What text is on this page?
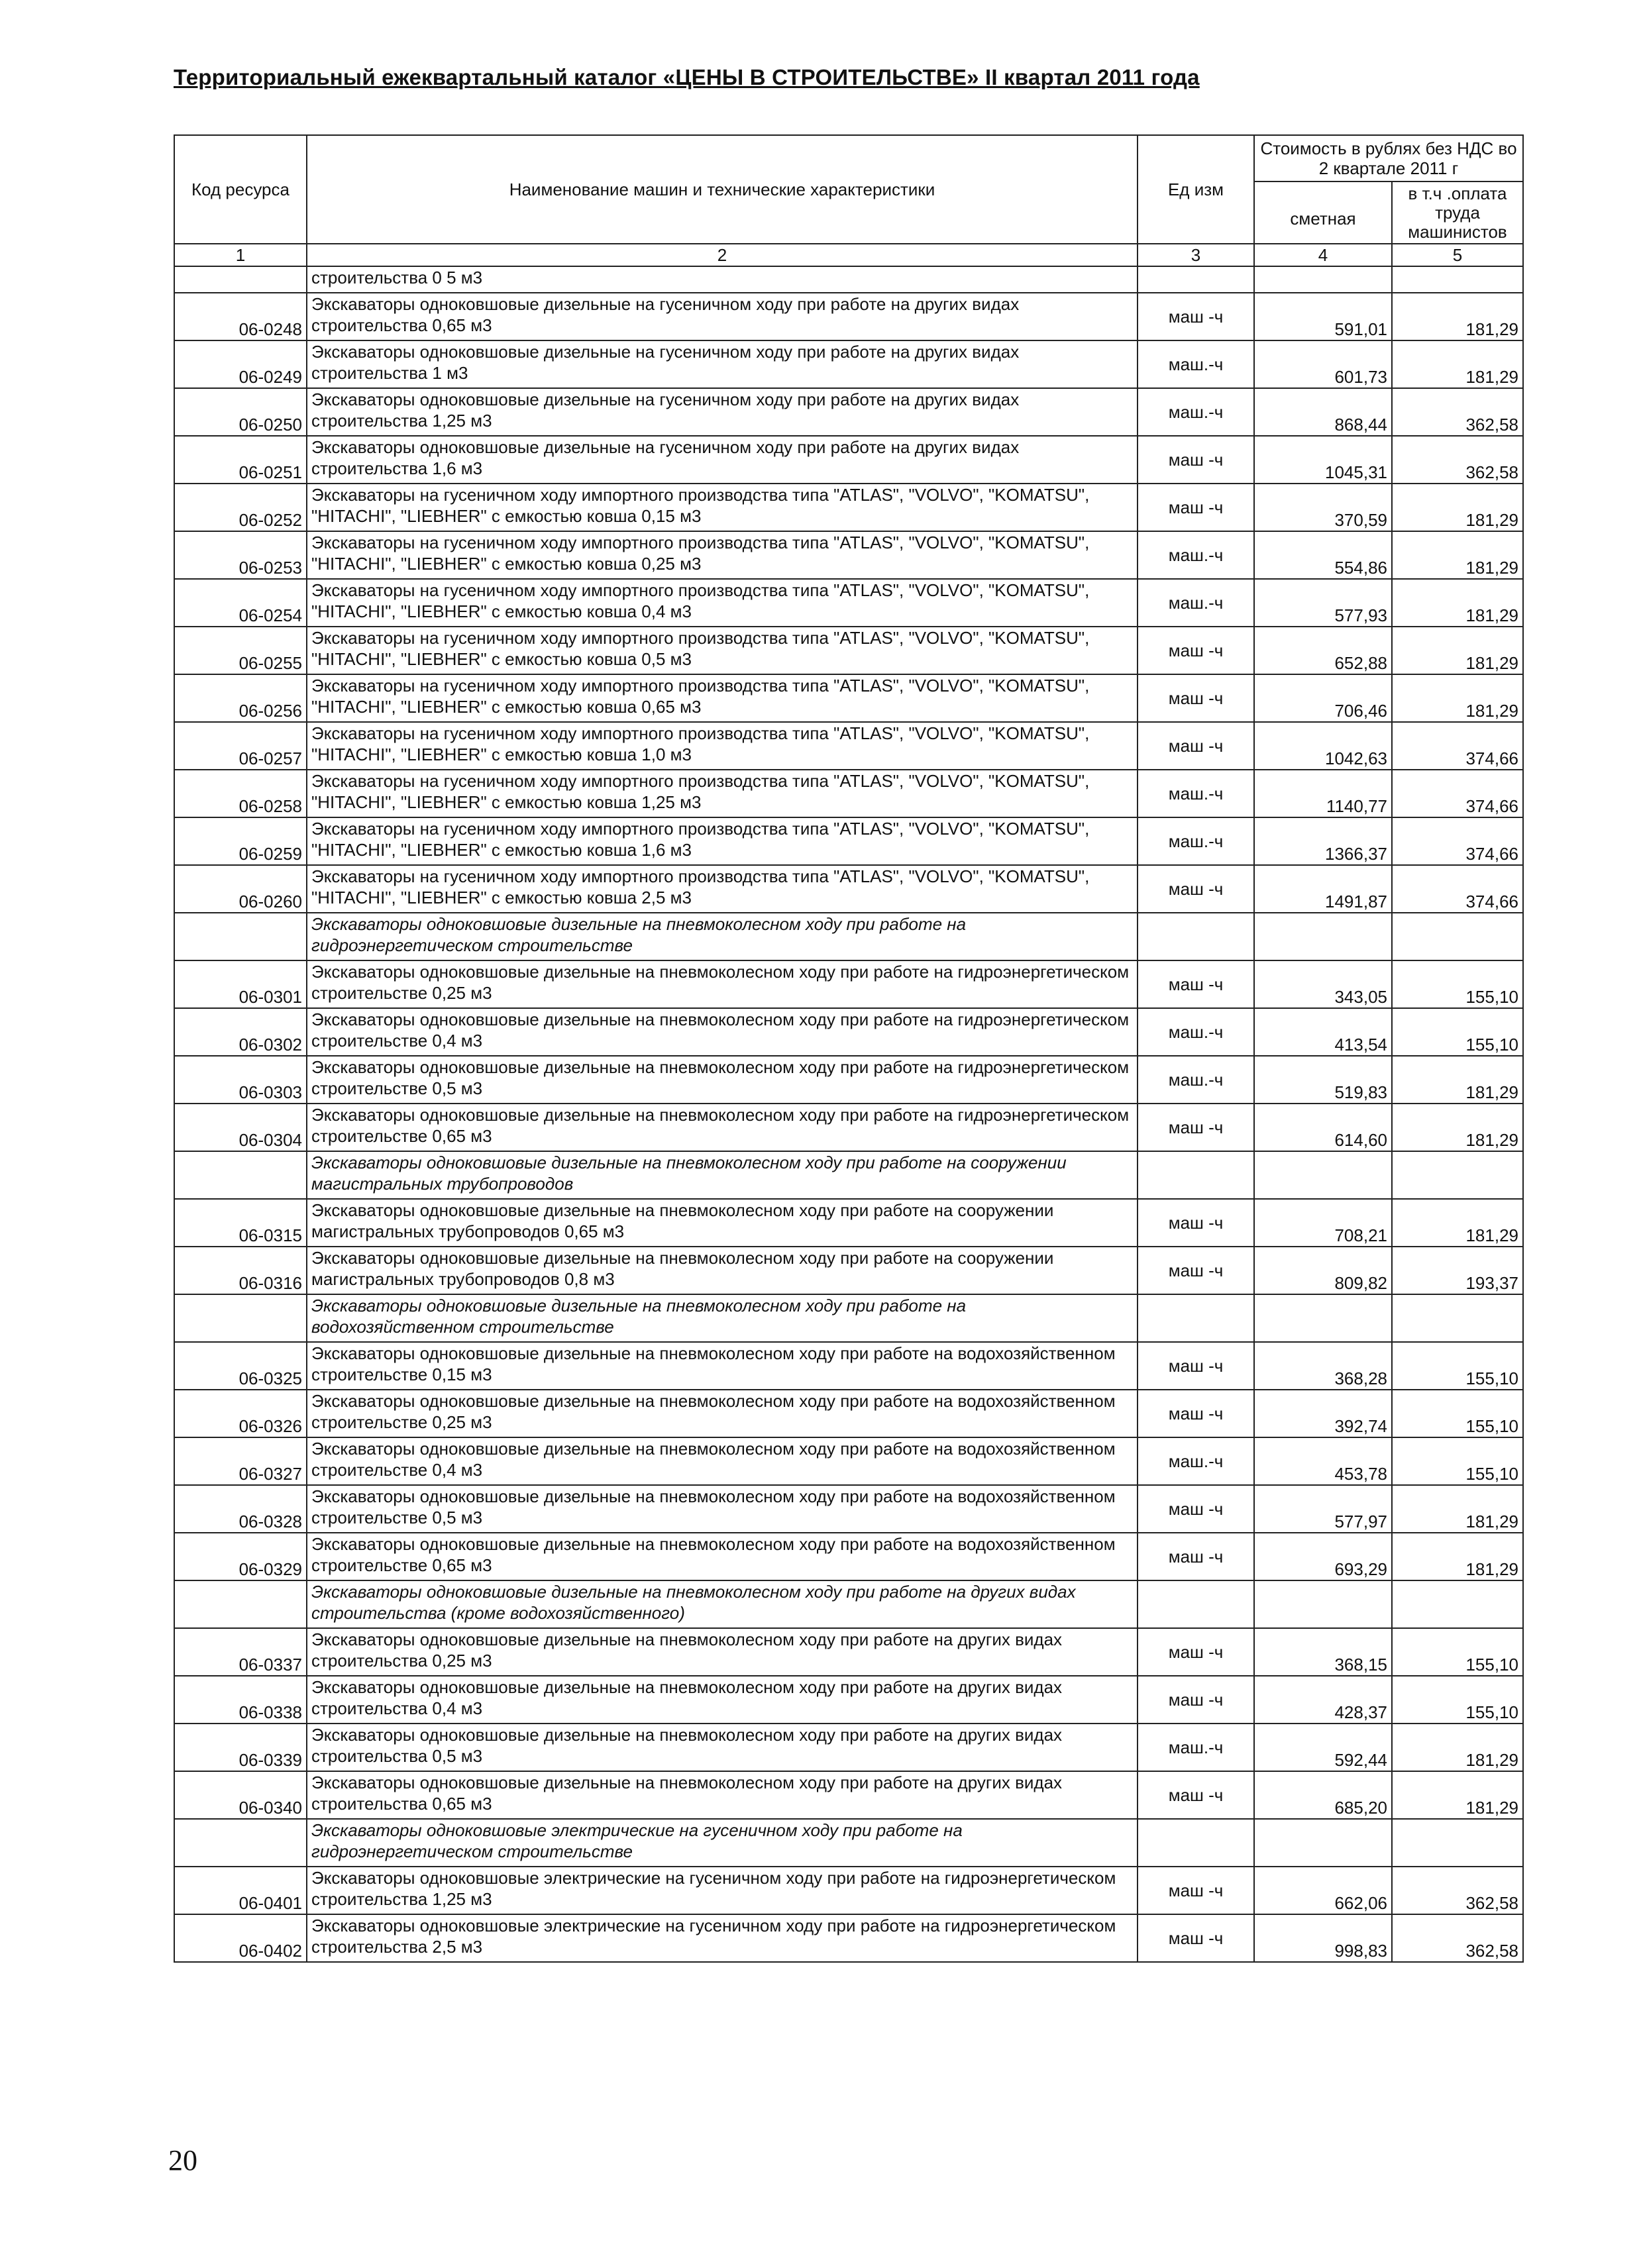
Территориальный ежеквартальный каталог «ЦЕНЫ В СТРОИТЕЛЬСТВЕ» II квартал 2011 года
Код ресурса	Наименование машин и технические характеристики	Ед изм	Стоимость в рублях без НДС во 2 квартале 2011 г	
			сметная	в т.ч .оплата труда машинистов
1	2	3	4	5
	строительства 0 5 м3			
06-0248	Экскаваторы одноковшовые дизельные на гусеничном ходу при работе на других видах строительства 0,65 м3	маш -ч	591,01	181,29
06-0249	Экскаваторы одноковшовые дизельные на гусеничном ходу при работе на других видах строительства 1 м3	маш.-ч	601,73	181,29
06-0250	Экскаваторы одноковшовые дизельные на гусеничном ходу при работе на других видах строительства 1,25 м3	маш.-ч	868,44	362,58
06-0251	Экскаваторы одноковшовые дизельные на гусеничном ходу при работе на других видах строительства 1,6 м3	маш -ч	1045,31	362,58
06-0252	Экскаваторы на гусеничном ходу импортного производства типа "ATLAS", "VOLVO", "KOMATSU", "HITACHI", "LIEBHER" с емкостью ковша 0,15 м3	маш -ч	370,59	181,29
06-0253	Экскаваторы на гусеничном ходу импортного производства типа "ATLAS", "VOLVO", "KOMATSU", "HITACHI", "LIEBHER" с емкостью ковша 0,25 м3	маш.-ч	554,86	181,29
06-0254	Экскаваторы на гусеничном ходу импортного производства типа "ATLAS", "VOLVO", "KOMATSU", "HITACHI", "LIEBHER" с емкостью ковша 0,4 м3	маш.-ч	577,93	181,29
06-0255	Экскаваторы на гусеничном ходу импортного производства типа "ATLAS", "VOLVO", "KOMATSU", "HITACHI", "LIEBHER" с емкостью ковша 0,5 м3	маш -ч	652,88	181,29
06-0256	Экскаваторы на гусеничном ходу импортного производства типа "ATLAS", "VOLVO", "KOMATSU", "HITACHI", "LIEBHER" с емкостью ковша 0,65 м3	маш -ч	706,46	181,29
06-0257	Экскаваторы на гусеничном ходу импортного производства типа "ATLAS", "VOLVO", "KOMATSU", "HITACHI", "LIEBHER" с емкостью ковша 1,0 м3	маш -ч	1042,63	374,66
06-0258	Экскаваторы на гусеничном ходу импортного производства типа "ATLAS", "VOLVO", "KOMATSU", "HITACHI", "LIEBHER" с емкостью ковша 1,25 м3	маш.-ч	1140,77	374,66
06-0259	Экскаваторы на гусеничном ходу импортного производства типа "ATLAS", "VOLVO", "KOMATSU", "HITACHI", "LIEBHER" с емкостью ковша 1,6 м3	маш.-ч	1366,37	374,66
06-0260	Экскаваторы на гусеничном ходу импортного производства типа "ATLAS", "VOLVO", "KOMATSU", "HITACHI", "LIEBHER" с емкостью ковша 2,5 м3	маш -ч	1491,87	374,66
	Экскаваторы одноковшовые дизельные на пневмоколесном ходу при работе на гидроэнергетическом строительстве			
06-0301	Экскаваторы одноковшовые дизельные на пневмоколесном ходу при работе на гидроэнергетическом строительстве 0,25 м3	маш -ч	343,05	155,10
06-0302	Экскаваторы одноковшовые дизельные на пневмоколесном ходу при работе на гидроэнергетическом строительстве 0,4 м3	маш.-ч	413,54	155,10
06-0303	Экскаваторы одноковшовые дизельные на пневмоколесном ходу при работе на гидроэнергетическом строительстве 0,5 м3	маш.-ч	519,83	181,29
06-0304	Экскаваторы одноковшовые дизельные на пневмоколесном ходу при работе на гидроэнергетическом строительстве 0,65 м3	маш -ч	614,60	181,29
	Экскаваторы одноковшовые дизельные на пневмоколесном ходу при работе на сооружении магистральных трубопроводов			
06-0315	Экскаваторы одноковшовые дизельные на пневмоколесном ходу при работе на сооружении магистральных трубопроводов 0,65 м3	маш -ч	708,21	181,29
06-0316	Экскаваторы одноковшовые дизельные на пневмоколесном ходу при работе на сооружении магистральных трубопроводов 0,8 м3	маш -ч	809,82	193,37
	Экскаваторы одноковшовые дизельные на пневмоколесном ходу при работе на водохозяйственном строительстве			
06-0325	Экскаваторы одноковшовые дизельные на пневмоколесном ходу при работе на водохозяйственном строительстве 0,15 м3	маш -ч	368,28	155,10
06-0326	Экскаваторы одноковшовые дизельные на пневмоколесном ходу при работе на водохозяйственном строительстве 0,25 м3	маш -ч	392,74	155,10
06-0327	Экскаваторы одноковшовые дизельные на пневмоколесном ходу при работе на водохозяйственном строительстве 0,4 м3	маш.-ч	453,78	155,10
06-0328	Экскаваторы одноковшовые дизельные на пневмоколесном ходу при работе на водохозяйственном строительстве 0,5 м3	маш -ч	577,97	181,29
06-0329	Экскаваторы одноковшовые дизельные на пневмоколесном ходу при работе на водохозяйственном строительстве 0,65 м3	маш -ч	693,29	181,29
	Экскаваторы одноковшовые дизельные на пневмоколесном ходу при работе на других видах строительства (кроме водохозяйственного)			
06-0337	Экскаваторы одноковшовые дизельные на пневмоколесном ходу при работе на других видах строительства 0,25 м3	маш -ч	368,15	155,10
06-0338	Экскаваторы одноковшовые дизельные на пневмоколесном ходу при работе на других видах строительства 0,4 м3	маш -ч	428,37	155,10
06-0339	Экскаваторы одноковшовые дизельные на пневмоколесном ходу при работе на других видах строительства 0,5 м3	маш.-ч	592,44	181,29
06-0340	Экскаваторы одноковшовые дизельные на пневмоколесном ходу при работе на других видах строительства 0,65 м3	маш -ч	685,20	181,29
	Экскаваторы одноковшовые электрические на гусеничном ходу при работе на гидроэнергетическом строительстве			
06-0401	Экскаваторы одноковшовые электрические на гусеничном ходу при работе на гидроэнергетическом строительства 1,25 м3	маш -ч	662,06	362,58
06-0402	Экскаваторы одноковшовые электрические на гусеничном ходу при работе на гидроэнергетическом строительства 2,5 м3	маш -ч	998,83	362,58
20
